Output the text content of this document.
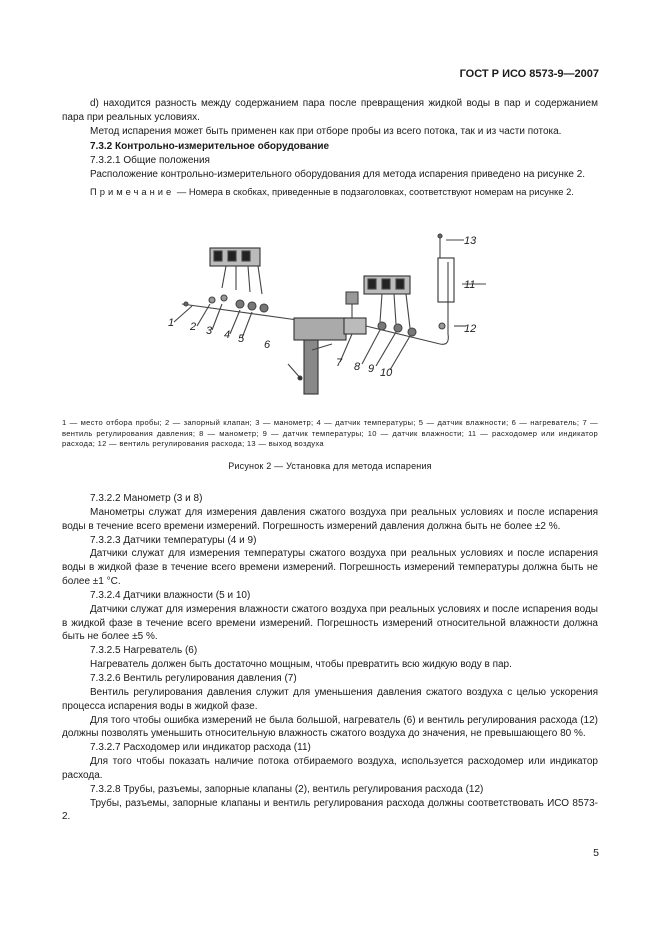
ГОСТ Р ИСО 8573-9—2007

d) находится разность между содержанием пара после превращения жидкой воды в пар и содержанием пара при реальных условиях.

Метод испарения может быть применен как при отборе пробы из всего потока, так и из части потока.

7.3.2 Контрольно-измерительное оборудование

7.3.2.1 Общие положения

Расположение контрольно-измерительного оборудования для метода испарения приведено на рисунке 2.

Примечание — Номера в скобках, приведенные в подзаголовках, соответствуют номерам на рисунке 2.

1 2 3 4 5 6
7 8 9 10
11
12
13
1 — место отбора пробы; 2 — запорный клапан; 3 — манометр; 4 — датчик температуры; 5 — датчик влажности; 6 — нагреватель; 7 — вентиль регулирования давления; 8 — манометр; 9 — датчик температуры; 10 — датчик влажности; 11 — расходомер или индикатор расхода; 12 — вентиль регулирования расхода; 13 — выход воздуха
Рисунок 2 — Установка для метода испарения

7.3.2.2 Манометр (3 и 8)

Манометры служат для измерения давления сжатого воздуха при реальных условиях и после испарения воды в течение всего времени измерений. Погрешность измерений давления должна быть не более ±2 %.

7.3.2.3 Датчики температуры (4 и 9)

Датчики служат для измерения температуры сжатого воздуха при реальных условиях и после испарения воды в жидкой фазе в течение всего времени измерений. Погрешность измерений температуры должна быть не более ±1 °С.

7.3.2.4 Датчики влажности (5 и 10)

Датчики служат для измерения влажности сжатого воздуха при реальных условиях и после испарения воды в жидкой фазе в течение всего времени измерений. Погрешность измерений относительной влажности должна быть не более ±5 %.

7.3.2.5 Нагреватель (6)

Нагреватель должен быть достаточно мощным, чтобы превратить всю жидкую воду в пар.

7.3.2.6 Вентиль регулирования давления (7)

Вентиль регулирования давления служит для уменьшения давления сжатого воздуха с целью ускорения процесса испарения воды в жидкой фазе.

Для того чтобы ошибка измерений не была большой, нагреватель (6) и вентиль регулирования расхода (12) должны позволять уменьшить относительную влажность сжатого воздуха до значения, не превышающего 80 %.

7.3.2.7 Расходомер или индикатор расхода (11)

Для того чтобы показать наличие потока отбираемого воздуха, используется расходомер или индикатор расхода.

7.3.2.8 Трубы, разъемы, запорные клапаны (2), вентиль регулирования расхода (12)

Трубы, разъемы, запорные клапаны и вентиль регулирования расхода должны соответствовать ИСО 8573-2.

5
